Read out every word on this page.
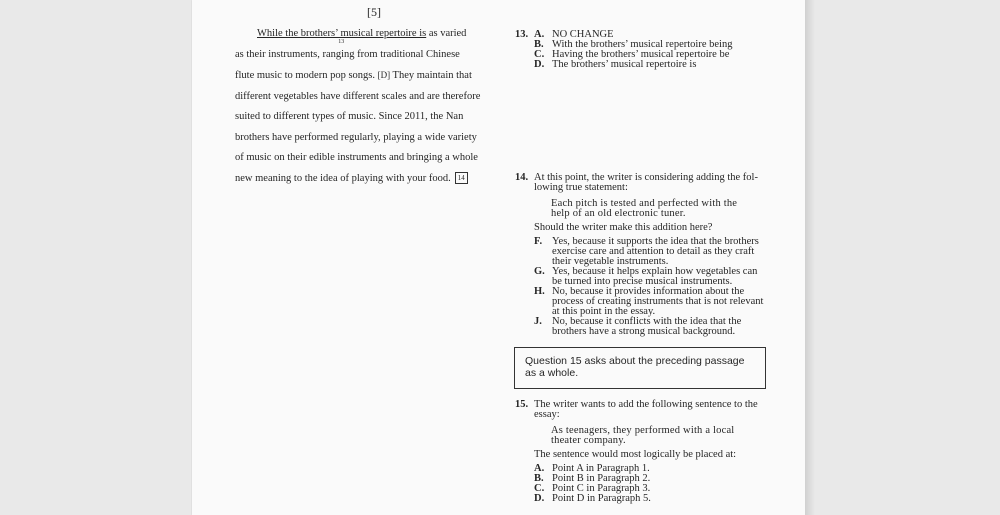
[5]

While the brothers’ musical repertoire is
13
as varied

as their instruments, ranging from traditional Chinese

flute music to modern pop songs. [D] They maintain that

different vegetables have different scales and are therefore

suited to different types of music. Since 2011, the Nan

brothers have performed regularly, playing a wide variety

of music on their edible instruments and bringing a whole

new meaning to the idea of playing with your food. 14

13. A. NO CHANGE
B. With the brothers’ musical repertoire being
C. Having the brothers’ musical repertoire be
D. The brothers’ musical repertoire is
14. At this point, the writer is considering adding the fol-
lowing true statement:
Each pitch is tested and perfected with the
help of an old electronic tuner.
Should the writer make this addition here?
F. Yes, because it supports the idea that the brothers
exercise care and attention to detail as they craft
their vegetable instruments.
G. Yes, because it helps explain how vegetables can
be turned into precise musical instruments.
H. No, because it provides information about the
process of creating instruments that is not relevant
at this point in the essay.
J. No, because it conflicts with the idea that the
brothers have a strong musical background.
Question 15 asks about the preceding passage
as a whole.
15. The writer wants to add the following sentence to the
essay:
As teenagers, they performed with a local
theater company.
The sentence would most logically be placed at:
A. Point A in Paragraph 1.
B. Point B in Paragraph 2.
C. Point C in Paragraph 3.
D. Point D in Paragraph 5.
